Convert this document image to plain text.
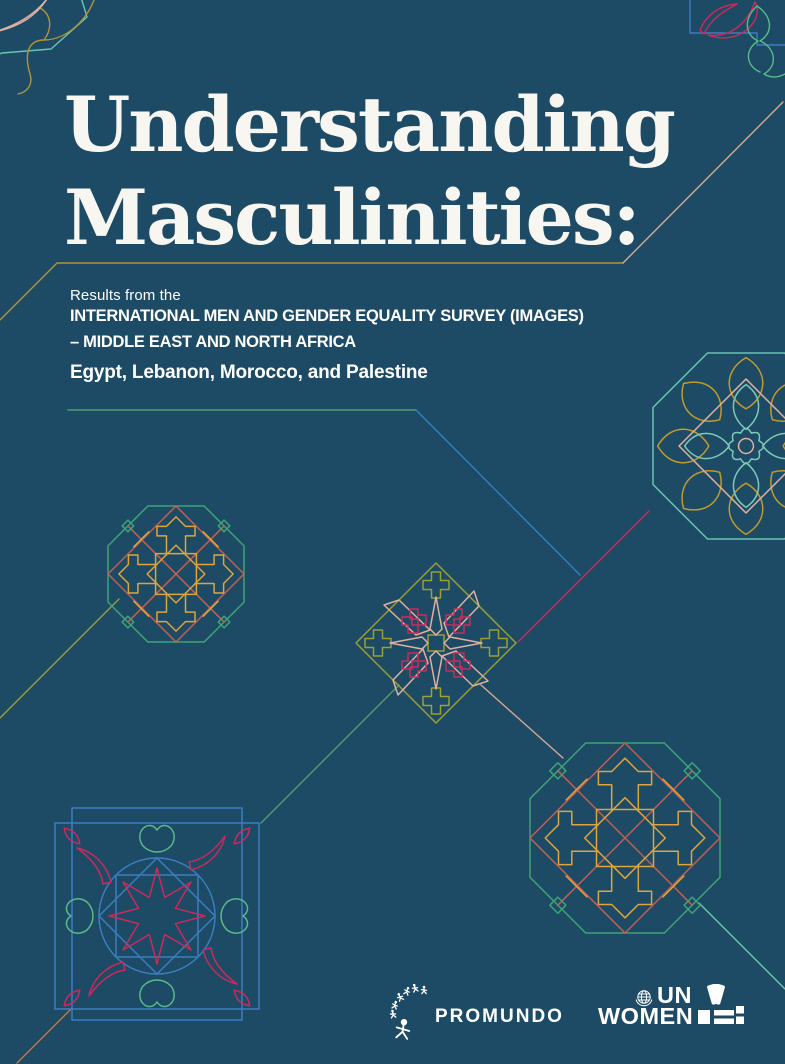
Understanding
Masculinities:
Results from the
INTERNATIONAL MEN AND GENDER EQUALITY SURVEY (IMAGES)
– MIDDLE EAST AND NORTH AFRICA
Egypt, Lebanon, Morocco, and Palestine
PROMUNDO
UN
WOMEN
